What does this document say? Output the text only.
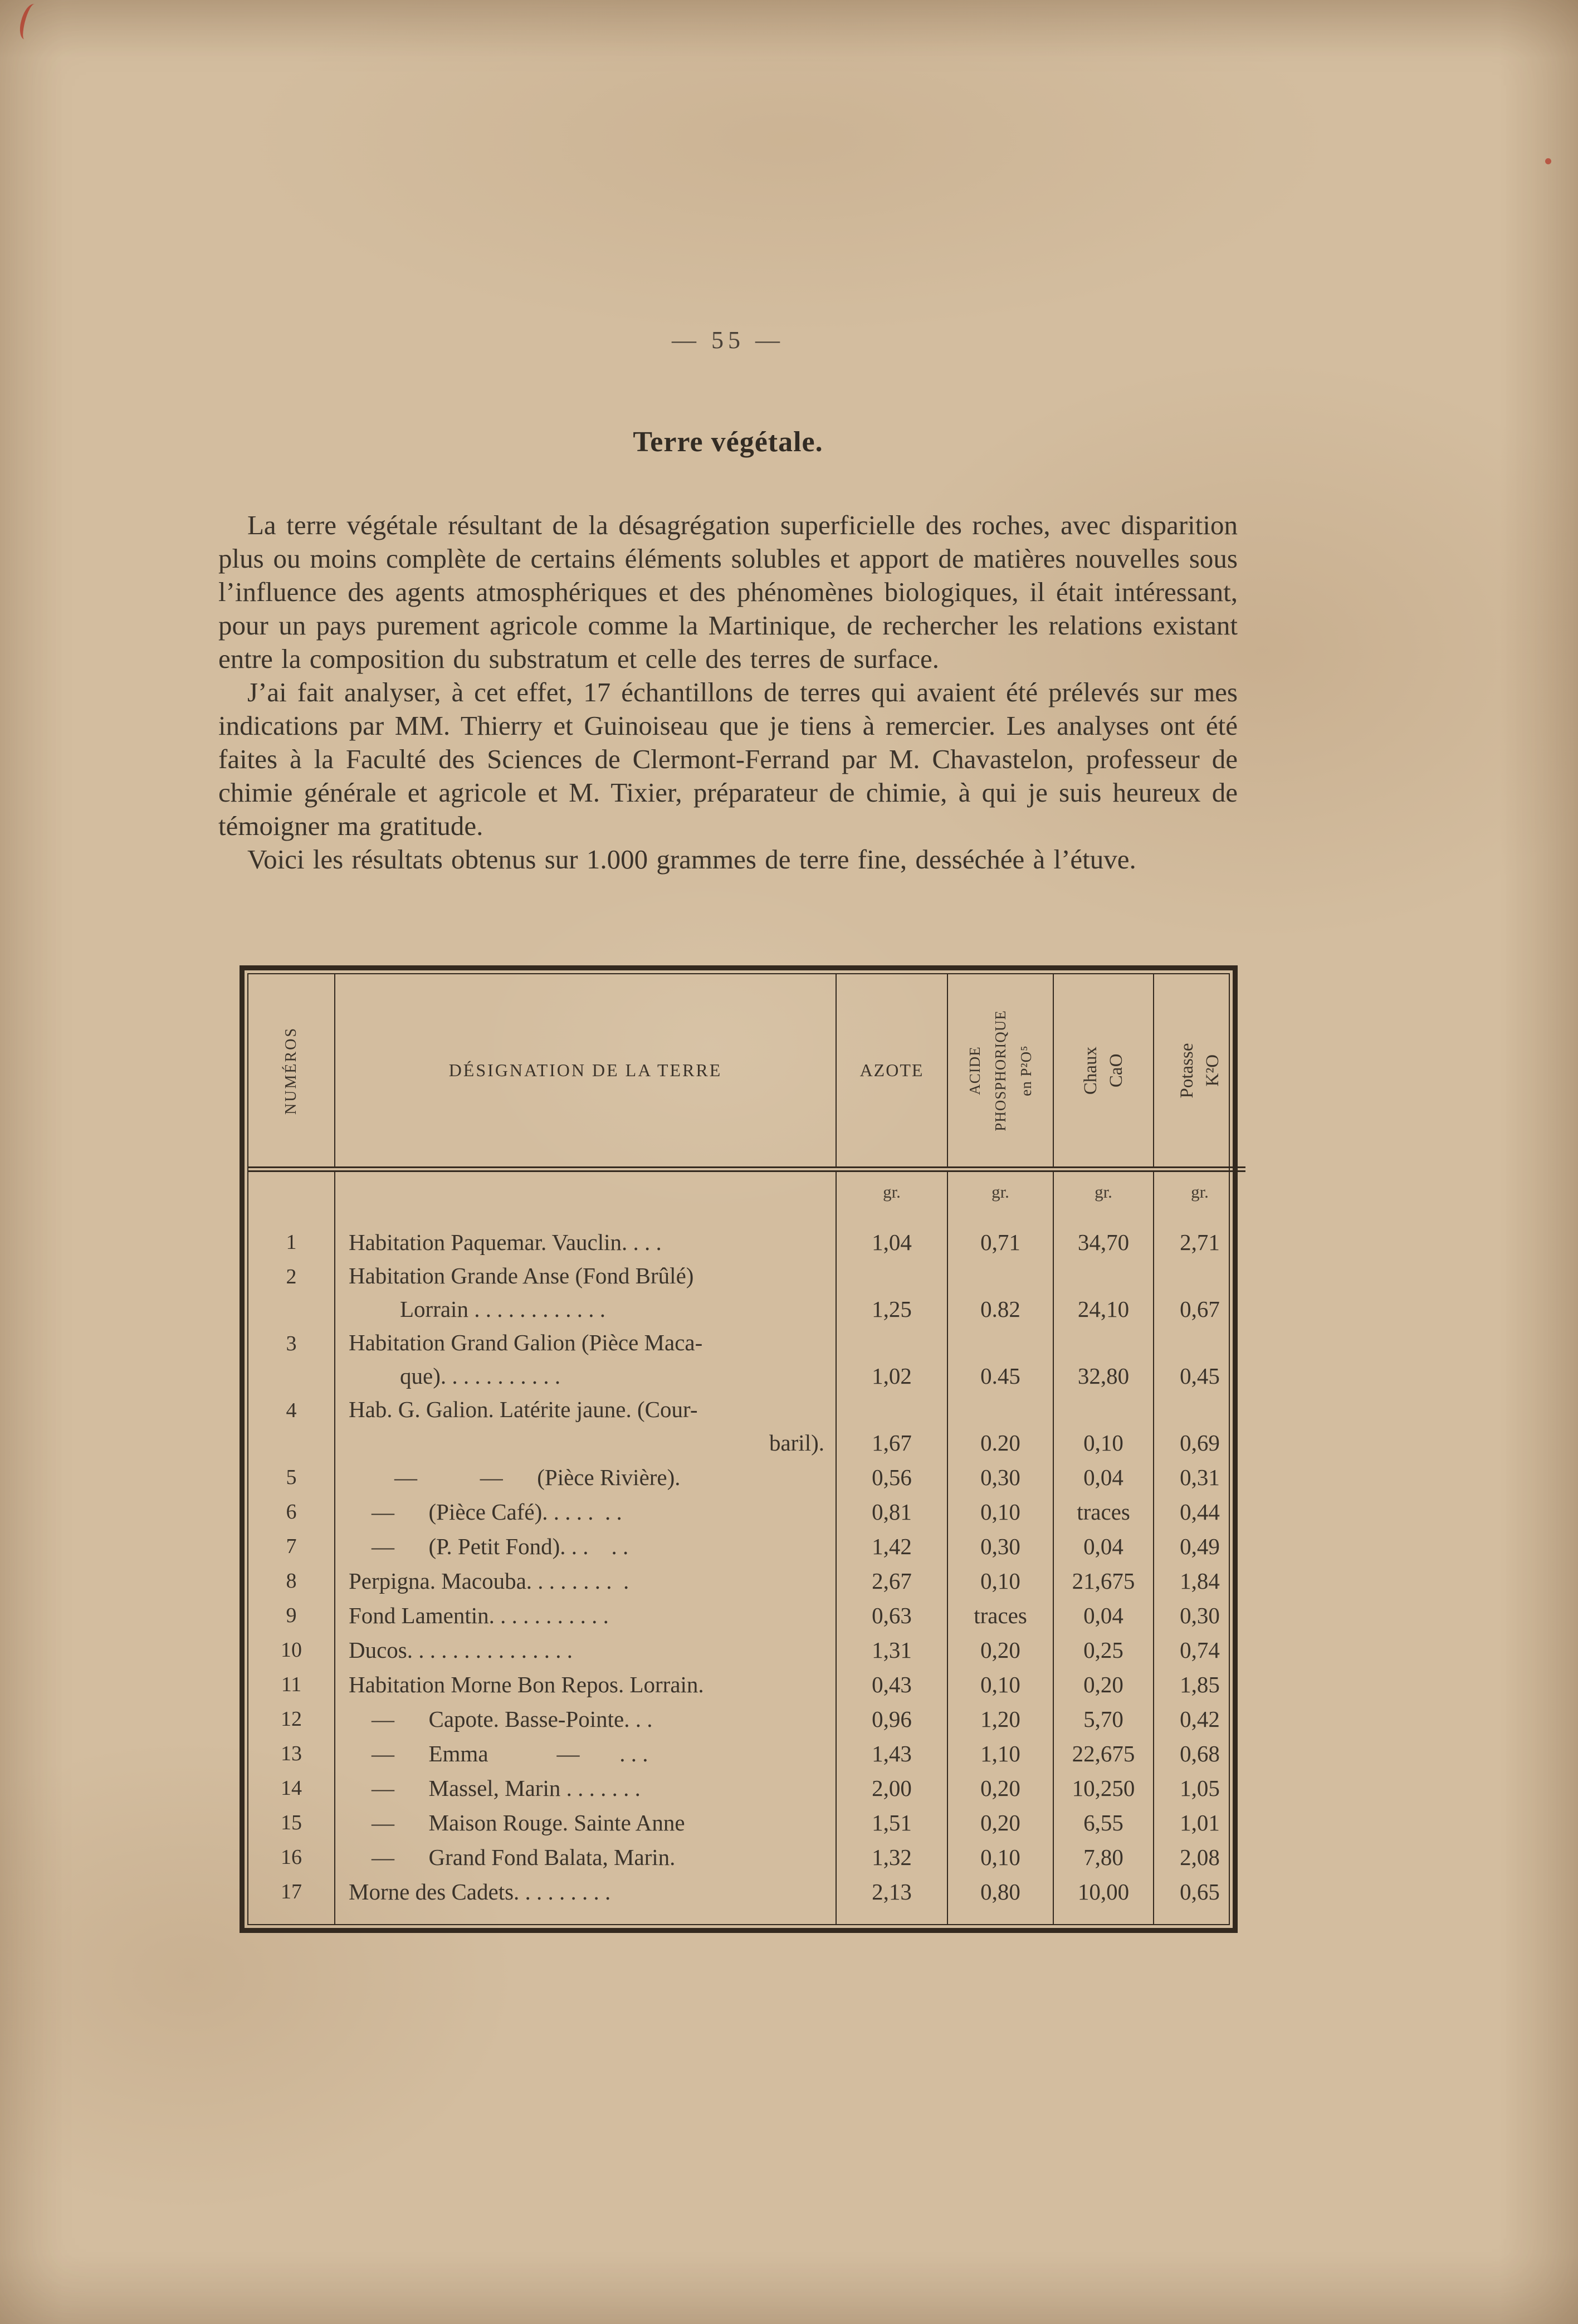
— 55 —
Terre végétale.

La terre végétale résultant de la désagrégation superficielle des roches, avec disparition plus ou moins complète de certains éléments solubles et apport de matières nouvelles sous l’influence des agents atmosphériques et des phénomènes biologiques, il était intéressant, pour un pays purement agricole comme la Martinique, de rechercher les relations existant entre la composition du substratum et celle des terres de surface.

J’ai fait analyser, à cet effet, 17 échantillons de terres qui avaient été prélevés sur mes indications par MM. Thierry et Guinoiseau que je tiens à remercier. Les analyses ont été faites à la Faculté des Sciences de Clermont-Ferrand par M. Chavastelon, professeur de chimie générale et agricole et M. Tixier, préparateur de chimie, à qui je suis heureux de témoigner ma gratitude.

Voici les résultats obtenus sur 1.000 grammes de terre fine, desséchée à l’étuve.

NUMÉROS	DÉSIGNATION DE LA TERRE	AZOTE	ACIDE PHOSPHORIQUE en P²O⁵	Chaux CaO	Potasse K²O

		gr.	gr.	gr.	gr.
1	Habitation Paquemar. Vauclin. . . .	1,04	0,71	34,70	2,71
2	Habitation Grande Anse (Fond Brûlé)
Lorrain . . . . . . . . . . . .	1,25	0.82	24,10	0,67
3	Habitation Grand Galion (Pièce Maca-
que). . . . . . . . . . .	1,02	0.45	32,80	0,45
4	Hab. G. Galion. Latérite jaune. (Cour-
baril).	1,67	0.20	0,10	0,69
5	—           —      (Pièce Rivière).	0,56	0,30	0,04	0,31
6	—      (Pièce Café). . . . .  . .	0,81	0,10	traces	0,44
7	—      (P. Petit Fond). . .    . .	1,42	0,30	0,04	0,49
8	Perpigna. Macouba. . . . . . . .  .	2,67	0,10	21,675	1,84
9	Fond Lamentin. . . . . . . . . . .	0,63	traces	0,04	0,30
10	Ducos. . . . . . . . . . . . . . .	1,31	0,20	0,25	0,74
11	Habitation Morne Bon Repos. Lorrain.	0,43	0,10	0,20	1,85
12	—      Capote. Basse-Pointe. . .	0,96	1,20	5,70	0,42
13	—      Emma            —       . . .	1,43	1,10	22,675	0,68
14	—      Massel, Marin . . . . . . .	2,00	0,20	10,250	1,05
15	—      Maison Rouge. Sainte Anne	1,51	0,20	6,55	1,01
16	—      Grand Fond Balata, Marin.	1,32	0,10	7,80	2,08
17	Morne des Cadets. . . . . . . . .	2,13	0,80	10,00	0,65
